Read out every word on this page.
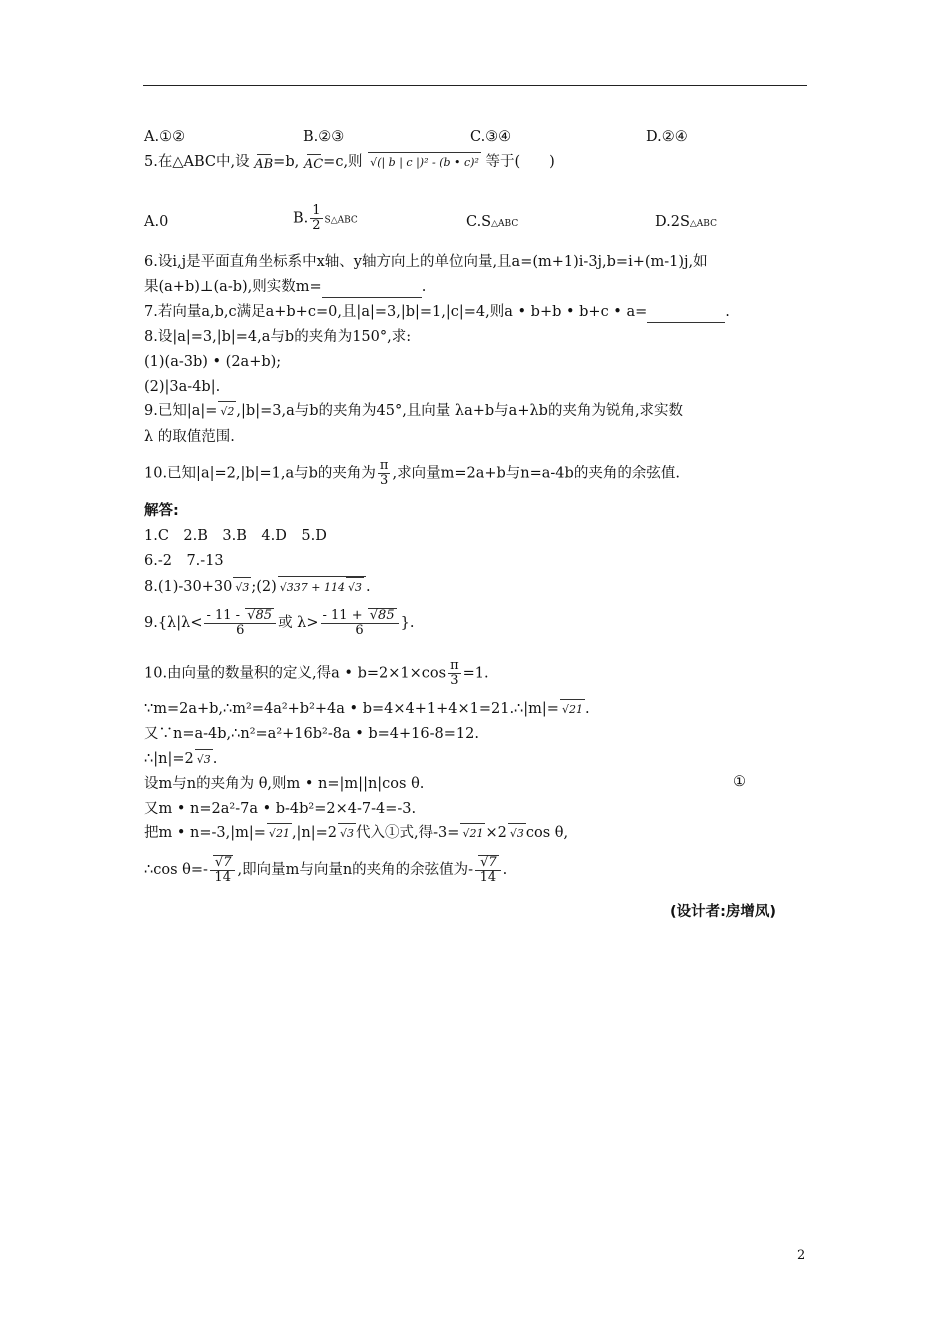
A.①②	B.②③	C.③④	D.②④
5.在△ABC中,设 AB=b, AC=c,则 √(| b | c |)² - (b • c)² 等于(　　)
A.0	B. $\frac{1}{2}$ S△ABC	C.S△ABC	D.2S△ABC
6.设i,j是平面直角坐标系中x轴、y轴方向上的单位向量,且a=(m+1)i-3j,b=i+(m-1)j,如
果(a+b)⊥(a-b),则实数m=	.
7.若向量a,b,c满足a+b+c=0,且|a|=3,|b|=1,|c|=4,则a • b+b • b+c • a=	.
8.设|a|=3,|b|=4,a与b的夹角为150°,求:
(1)(a-3b) • (2a+b);
(2)|3a-4b|.
9.已知|a|= √2 ,|b|=3,a与b的夹角为45°,且向量 λa+b与a+λb的夹角为锐角,求实数
λ 的取值范围.
10.已知|a|=2,|b|=1,a与b的夹角为 $\frac{\pi}{3}$ ,求向量m=2a+b与n=a-4b的夹角的余弦值.
解答:
1.C　2.B　3.B　4.D　5.D
6.-2　7.-13
8.(1)-30+30 √3 ;(2) √337 + 114 √3 .
$9.\{\lambda|\lambda< \frac{- 11 - √85}{6}$ 或 $\lambda> \frac{- 11 + √85}{6}$ }.
10.由向量的数量积的定义,得a • $b=2\times 1\times\cos \frac{\pi}{3} =1$.
∵m=2a+b,∴m²=4a²+b²+4a • b=4×4+1+4×1=21.∴|m|= √21 .
又∵n=a-4b,∴n²=a²+16b²-8a • b=4+16-8=12.
∴|n|=2 √3 .
设m与n的夹角为 θ,则m • n=|m||n|cos θ.	①
又m • n=2a²-7a • b-4b²=2×4-7-4=-3.
把m • n=-3,|m|= √21 ,|n|=2 √3 代入①式,得-3= √21 ×2 √3 cos θ,
∴cos $\theta=- \frac{√7}{14}$ ,即向量m与向量n的夹角的余弦值为- $\frac{√7}{14}$ .
(设计者:房增凤)
2
